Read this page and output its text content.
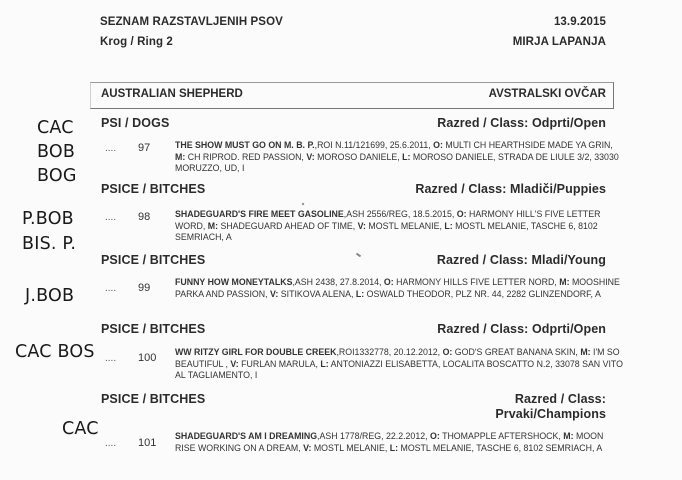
SEZNAM RAZSTAVLJENIH PSOV
Krog / Ring 2
13.9.2015
MIRJA LAPANJA
AUSTRALIAN SHEPHERD	AVSTRALSKI OVČAR
PSI / DOGS	Razred / Class: Odprti/Open
.... 97	THE SHOW MUST GO ON M. B. P.,ROI N.11/121699, 25.6.2011, O: MULTI CH HEARTHSIDE MADE YA GRIN, M: CH RIPROD. RED PASSION, V: MOROSO DANIELE, L: MOROSO DANIELE, STRADA DE LIULE 3/2, 33030 MORUZZO, UD, I
CAC
BOB
BOG
PSICE / BITCHES	Razred / Class: Mladiči/Puppies
.... 98	SHADEGUARD'S FIRE MEET GASOLINE,ASH 2556/REG, 18.5.2015, O: HARMONY HILL'S FIVE LETTER WORD, M: SHADEGUARD AHEAD OF TIME, V: MOSTL MELANIE, L: MOSTL MELANIE, TASCHE 6, 8102 SEMRIACH, A
P.BOB
BIS. P.
PSICE / BITCHES	Razred / Class: Mladi/Young
.... 99	FUNNY HOW MONEYTALKS,ASH 2438, 27.8.2014, O: HARMONY HILLS FIVE LETTER NORD, M: MOOSHINE PARKA AND PASSION, V: SITIKOVA ALENA, L: OSWALD THEODOR, PLZ NR. 44, 2282 GLINZENDORF, A
J.BOB
PSICE / BITCHES	Razred / Class: Odprti/Open
.... 100 WW RITZY GIRL FOR DOUBLE CREEK,ROI1332778, 20.12.2012, O: GOD'S GREAT BANANA SKIN, M: I'M SO BEAUTIFUL , V: FURLAN MARULA, L: ANTONIAZZI ELISABETTA, LOCALITA BOSCATTO N.2, 33078 SAN VITO AL TAGLIAMENTO, I
CAC BOS
PSICE / BITCHES	Razred / Class:
Prvaki/Champions
.... 101
SHADEGUARD'S AM I DREAMING,ASH 1778/REG, 22.2.2012, O: THOMAPPLE AFTERSHOCK, M: MOON RISE WORKING ON A DREAM, V: MOSTL MELANIE, L: MOSTL MELANIE, TASCHE 6, 8102 SEMRIACH, A
CAC
